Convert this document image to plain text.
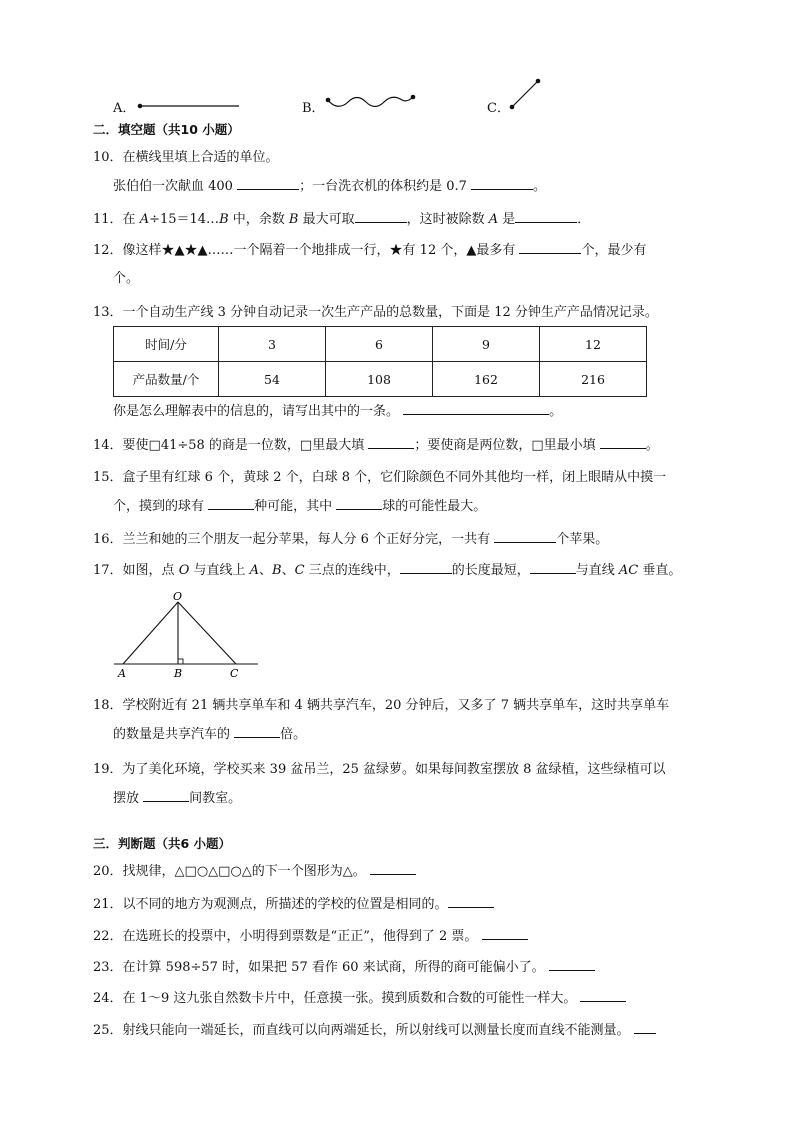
A．	B．	C．
二．填空题（共10 小题）
10．在横线里填上合适的单位。
张伯伯一次献血 400	；一台洗衣机的体积约是 0.7	。
11．在 A÷15＝14…B 中，余数 B 最大可取	，这时被除数 A 是	．
12．像这样★▲★▲……一个隔着一个地排成一行，★有 12 个，▲最多有	个，最少有
个。
13．一个自动生产线 3 分钟自动记录一次生产产品的总数量，下面是 12 分钟生产产品情况记录。
时间/分	3	6	9	12
产品数量/个	54	108	162	216
你是怎么理解表中的信息的，请写出其中的一条。	。
14．要使□41÷58 的商是一位数，□里最大填	；要使商是两位数，□里最小填	。
15．盒子里有红球 6 个，黄球 2 个，白球 8 个，它们除颜色不同外其他均一样，闭上眼睛从中摸一
个，摸到的球有	种可能，其中	球的可能性最大。
16．兰兰和她的三个朋友一起分苹果，每人分 6 个正好分完，一共有	个苹果。
17．如图，点 O 与直线上 A、B、C 三点的连线中，	的长度最短，	与直线 AC 垂直。
O
A	B	C
18．学校附近有 21 辆共享单车和 4 辆共享汽车，20 分钟后，又多了 7 辆共享单车，这时共享单车
的数量是共享汽车的	倍。
19．为了美化环境，学校买来 39 盆吊兰，25 盆绿萝。如果每间教室摆放 8 盆绿植，这些绿植可以
摆放	间教室。
三．判断题（共6 小题）
20．找规律，△□○△□○△的下一个图形为△。
21．以不同的地方为观测点，所描述的学校的位置是相同的。
22．在选班长的投票中，小明得到票数是“正正”，他得到了 2 票。
23．在计算 598÷57 时，如果把 57 看作 60 来试商，所得的商可能偏小了。
24．在 1～9 这九张自然数卡片中，任意摸一张。摸到质数和合数的可能性一样大。
25．射线只能向一端延长，而直线可以向两端延长，所以射线可以测量长度而直线不能测量。
